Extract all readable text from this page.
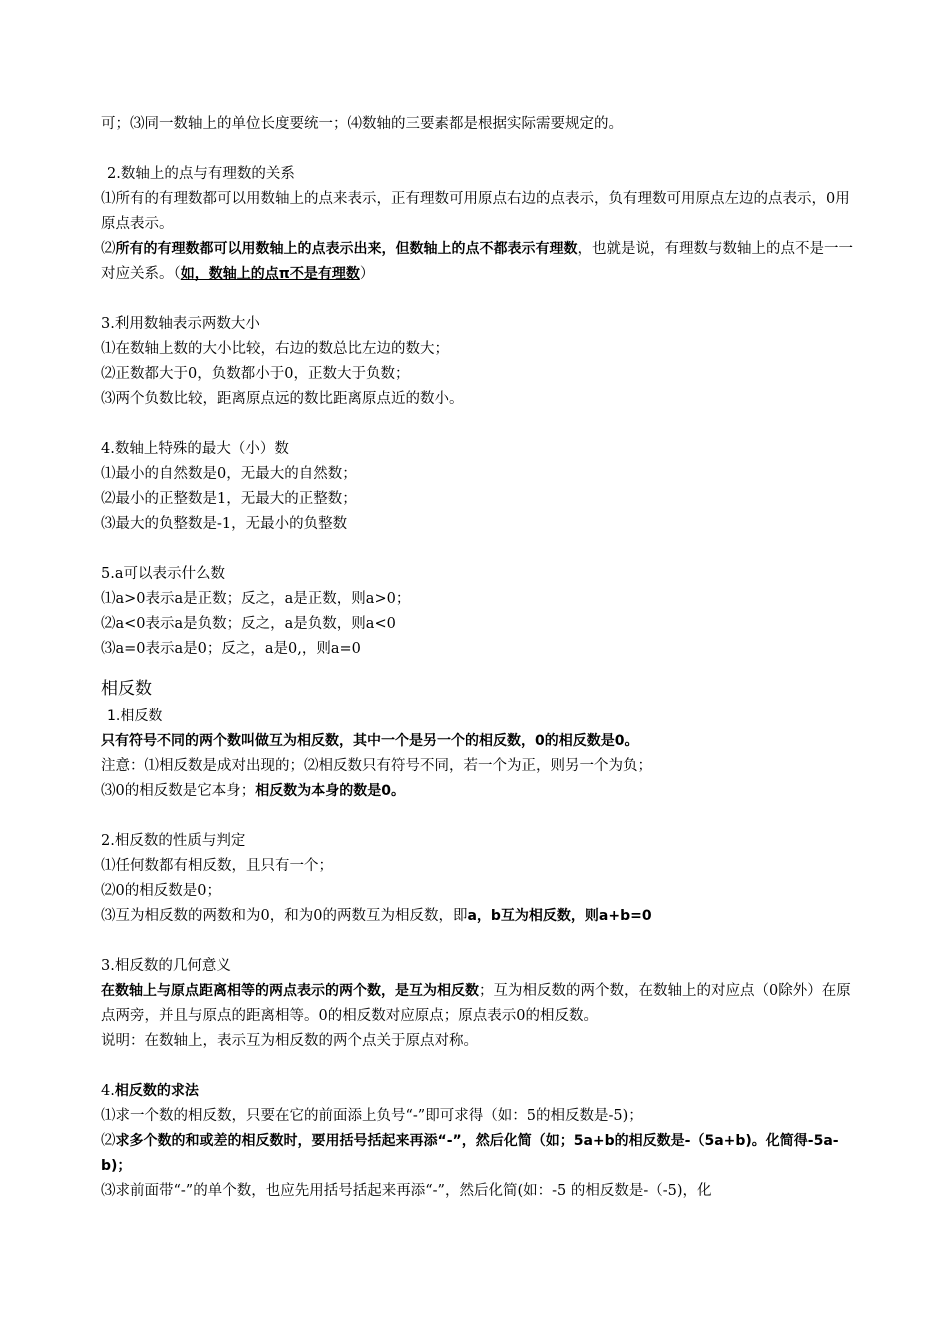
可；⑶同一数轴上的单位长度要统一；⑷数轴的三要素都是根据实际需要规定的。
2.数轴上的点与有理数的关系
⑴所有的有理数都可以用数轴上的点来表示，正有理数可用原点右边的点表示，负有理数可用原点左边的点表示，0用原点表示。
⑵所有的有理数都可以用数轴上的点表示出来，但数轴上的点不都表示有理数，也就是说，有理数与数轴上的点不是一一对应关系。（如，数轴上的点π不是有理数）
3.利用数轴表示两数大小
⑴在数轴上数的大小比较，右边的数总比左边的数大；
⑵正数都大于0，负数都小于0，正数大于负数；
⑶两个负数比较，距离原点远的数比距离原点近的数小。
4.数轴上特殊的最大（小）数
⑴最小的自然数是0，无最大的自然数；
⑵最小的正整数是1，无最大的正整数；
⑶最大的负整数是-1，无最小的负整数
5.a可以表示什么数
⑴a>0表示a是正数；反之，a是正数，则a>0；
⑵a<0表示a是负数；反之，a是负数，则a<0
⑶a=0表示a是0；反之，a是0,，则a=0
相反数
1.相反数
只有符号不同的两个数叫做互为相反数，其中一个是另一个的相反数，0的相反数是0。
注意：⑴相反数是成对出现的；⑵相反数只有符号不同，若一个为正，则另一个为负；
⑶0的相反数是它本身；相反数为本身的数是0。
2.相反数的性质与判定
⑴任何数都有相反数，且只有一个；
⑵0的相反数是0；
⑶互为相反数的两数和为0，和为0的两数互为相反数，即a，b互为相反数，则a+b=0
3.相反数的几何意义
在数轴上与原点距离相等的两点表示的两个数，是互为相反数；互为相反数的两个数，在数轴上的对应点（0除外）在原点两旁，并且与原点的距离相等。0的相反数对应原点；原点表示0的相反数。
说明：在数轴上，表示互为相反数的两个点关于原点对称。
4.相反数的求法
⑴求一个数的相反数，只要在它的前面添上负号“-”即可求得（如：5的相反数是-5)；
⑵求多个数的和或差的相反数时，要用括号括起来再添“-”，然后化简（如；5a+b的相反数是-（5a+b)。化简得-5a-b)；
⑶求前面带“-”的单个数，也应先用括号括起来再添“-”，然后化简(如：-5 的相反数是-（-5)，化
